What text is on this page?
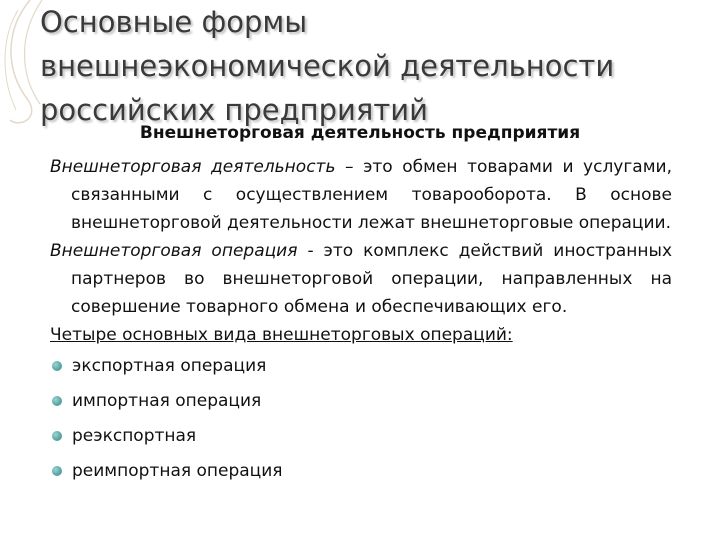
Основные формы
внешнеэкономической деятельности
российских предприятий
Внешнеторговая деятельность предприятия

Внешнеторговая деятельность – это обмен товарами и услугами, связанными с осуществлением товарооборота. В основе внешнеторговой деятельности лежат внешнеторговые операции.

Внешнеторговая операция - это комплекс действий иностранных партнеров во внешнеторговой операции, направленных на совершение товарного обмена и обеспечивающих его.

Четыре основных вида внешнеторговых операций:

экспортная операция
импортная операция
реэкспортная
реимпортная операция
